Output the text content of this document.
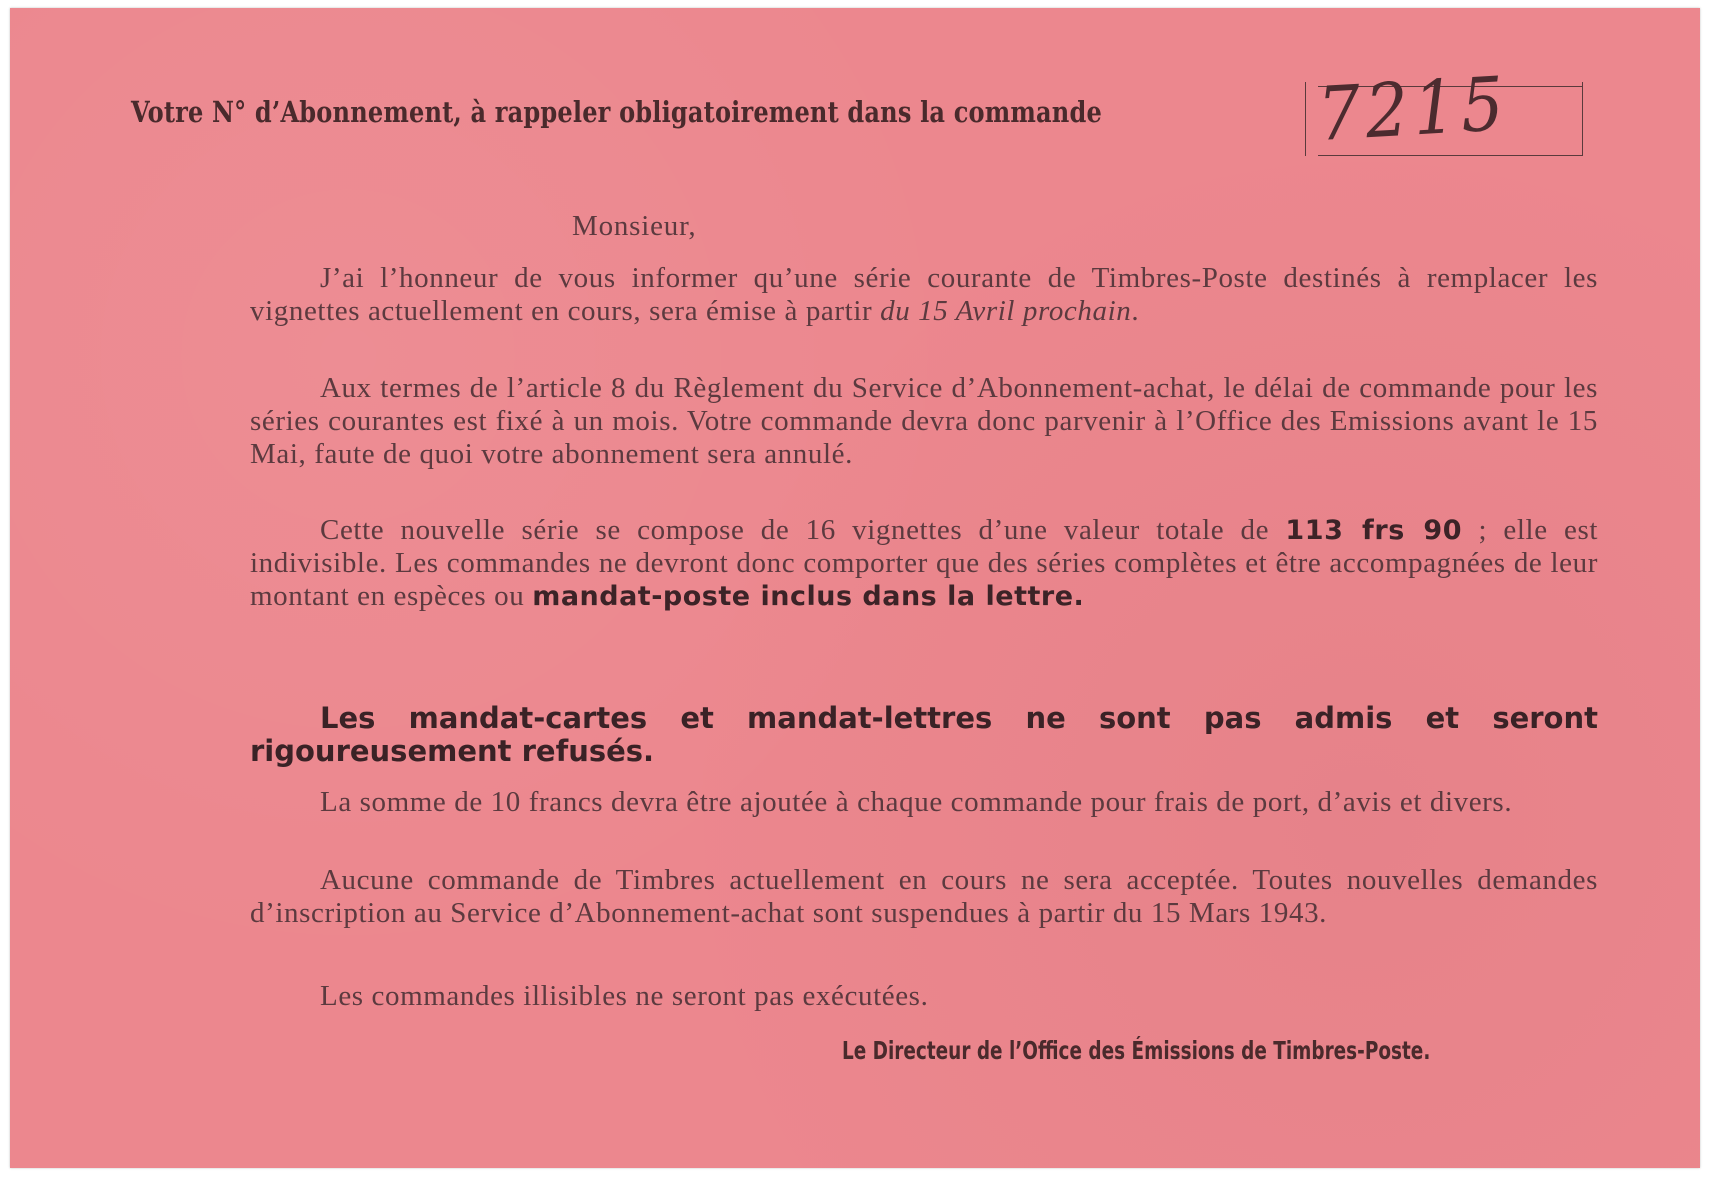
Votre N° d’Abonnement, à rappeler obligatoirement dans la commande	7215
Monsieur,
J’ai l’honneur de vous informer qu’une série courante de Timbres-Poste destinés à remplacer les vignettes actuellement en cours, sera émise à partir du 15 Avril prochain.
Aux termes de l’article 8 du Règlement du Service d’Abonnement-achat, le délai de commande pour les séries courantes est fixé à un mois. Votre commande devra donc parvenir à l’Office des Emissions avant le 15 Mai, faute de quoi votre abonnement sera annulé.
Cette nouvelle série se compose de 16 vignettes d’une valeur totale de 113 frs 90 ; elle est indivisible. Les commandes ne devront donc comporter que des séries complètes et être accompagnées de leur montant en espèces ou mandat-poste inclus dans la lettre.
Les mandat-cartes et mandat-lettres ne sont pas admis et seront rigoureusement refusés.
La somme de 10 francs devra être ajoutée à chaque commande pour frais de port, d’avis et divers.
Aucune commande de Timbres actuellement en cours ne sera acceptée. Toutes nouvelles demandes d’inscription au Service d’Abonnement-achat sont suspendues à partir du 15 Mars 1943.
Les commandes illisibles ne seront pas exécutées.
Le Directeur de l’Office des Émissions de Timbres-Poste.
